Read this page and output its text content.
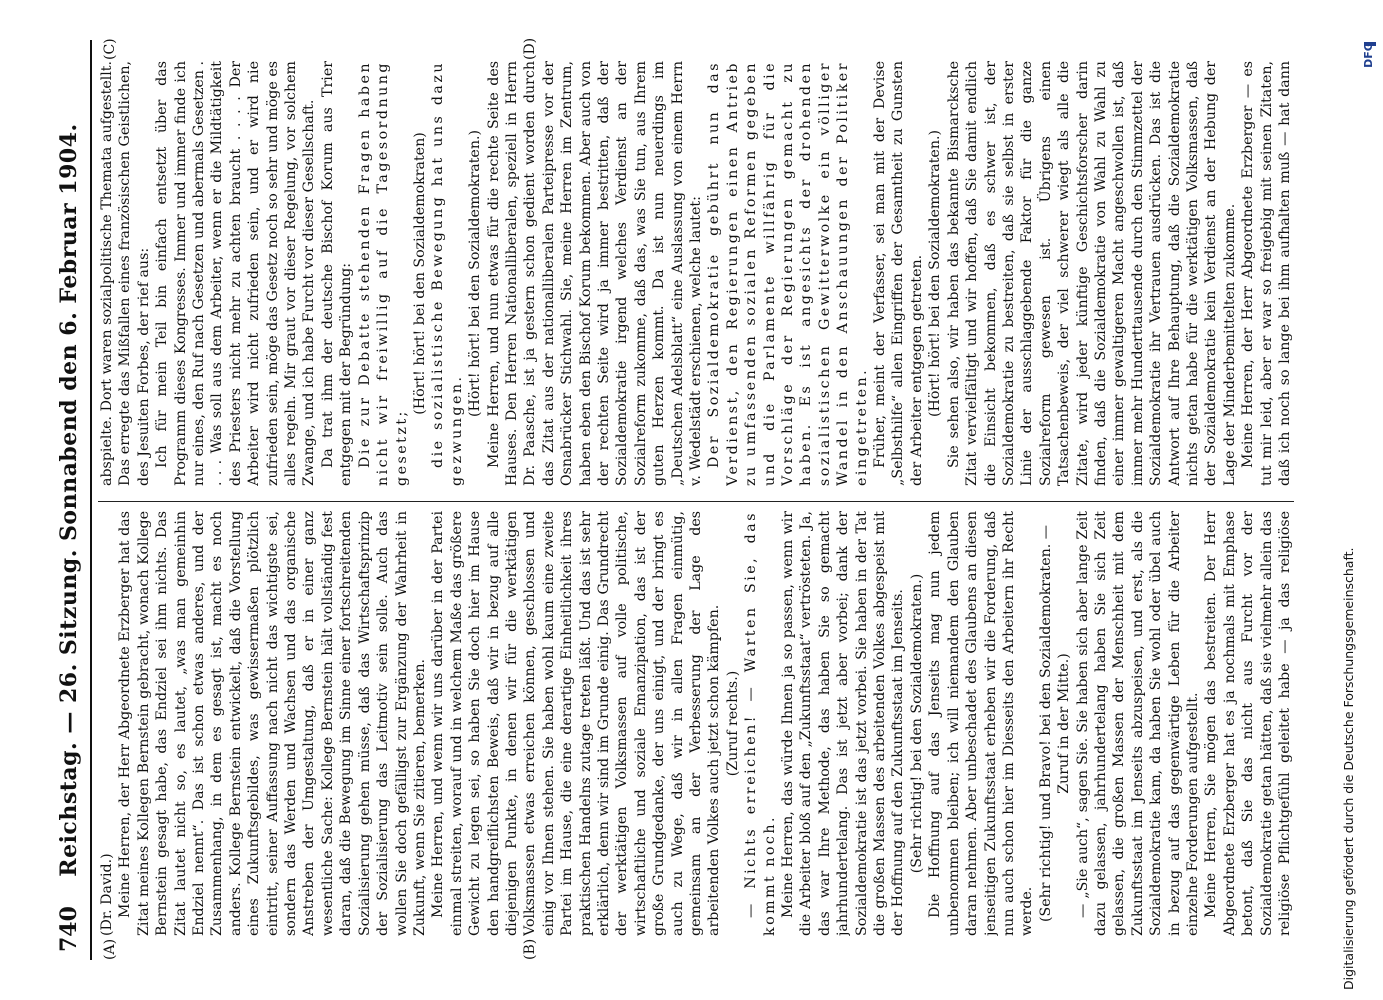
740
Reichstag. — 26. Sitzung. Sonnabend den 6. Februar 1904.
(A)	(B)
(C)	(D)

(Dr. David.) Meine Herren, der Herr Abgeordnete Erzberger hat das Zitat meines Kollegen Bernstein gebracht, wonach Kollege Bernstein gesagt habe, das Endziel sei ihm nichts. Das Zitat lautet nicht so, es lautet, „was man gemeinhin Endziel nennt“. Das ist schon etwas anderes, und der Zusammenhang, in dem es gesagt ist, macht es noch anders. Kollege Bernstein entwickelt, daß die Vorstellung eines Zukunftsgebildes, was gewissermaßen plötzlich eintritt, seiner Auffassung nach nicht das wichtigste sei, sondern das Werden und Wachsen und das organische Anstreben der Umgestaltung, daß er in einer ganz wesentliche Sache: Kollege Bernstein hält vollständig fest daran, daß die Bewegung im Sinne einer fortschreitenden Sozialisierung gehen müsse, daß das Wirtschaftsprinzip der Sozialisierung das Leitmotiv sein solle. Auch das wollen Sie doch gefälligst zur Ergänzung der Wahrheit in Zukunft, wenn Sie zitieren, bemerken. Meine Herren, und wenn wir uns darüber in der Partei einmal streiten, worauf und in welchem Maße das größere Gewicht zu legen sei, so haben Sie doch hier im Hause den handgreiflichsten Beweis, daß wir in bezug auf alle diejenigen Punkte, in denen wir für die werktätigen Volksmassen etwas erreichen können, geschlossen und einig vor Ihnen stehen. Sie haben wohl kaum eine zweite Partei im Hause, die eine derartige Einheitlichkeit ihres praktischen Handelns zutage treten läßt. Und das ist sehr erklärlich, denn wir sind im Grunde einig. Das Grundrecht der werktätigen Volksmassen auf volle politische, wirtschaftliche und soziale Emanzipation, das ist der große Grundgedanke, der uns einigt, und der bringt es auch zu Wege, daß wir in allen Fragen einmütig, gemeinsam an der Verbesserung der Lage des arbeitenden Volkes auch jetzt schon kämpfen. (Zuruf rechts.) — Nichts erreichen! — Warten Sie, das kommt noch. Meine Herren, das würde Ihnen ja so passen, wenn wir die Arbeiter bloß auf den „Zukunftsstaat“ vertrösteten. Ja, das war Ihre Methode, das haben Sie so gemacht jahrhundertelang. Das ist jetzt aber vorbei; dank der Sozialdemokratie ist das jetzt vorbei. Sie haben in der Tat die großen Massen des arbeitenden Volkes abgespeist mit der Hoffnung auf den Zukunftsstaat im Jenseits. (Sehr richtig! bei den Sozialdemokraten.) Die Hoffnung auf das Jenseits mag nun jedem unbenommen bleiben; ich will niemandem den Glauben daran nehmen. Aber unbeschadet des Glaubens an diesen jenseitigen Zukunftsstaat erheben wir die Forderung, daß nun auch schon hier im Diesseits den Arbeitern ihr Recht werde. (Sehr richtig! und Bravo! bei den Sozialdemokraten. — Zuruf in der Mitte.) — „Sie auch“, sagen Sie. Sie haben sich aber lange Zeit dazu gelassen, jahrhundertelang haben Sie sich Zeit gelassen, die großen Massen der Menschheit mit dem Zukunftsstaat im Jenseits abzuspeisen, und erst, als die Sozialdemokratie kam, da haben Sie wohl oder übel auch in bezug auf das gegenwärtige Leben für die Arbeiter einzelne Forderungen aufgestellt. Meine Herren, Sie mögen das bestreiten. Der Herr Abgeordnete Erzberger hat es ja nochmals mit Emphase betont, daß Sie das nicht aus Furcht vor der Sozialdemokratie getan hätten, daß sie vielmehr allein das religiöse Pflichtgefühl geleitet habe — ja das religiöse

abspielte. Dort waren sozialpolitische Themata aufgestellt. Das erregte das Mißfallen eines französischen Geistlichen, des Jesuiten Forbes, der rief aus: Ich für mein Teil bin einfach entsetzt über das Programm dieses Kongresses. Immer und immer finde ich nur eines, den Ruf nach Gesetzen und abermals Gesetzen . . . . Was soll aus dem Arbeiter, wenn er die Mildtätigkeit des Priesters nicht mehr zu achten braucht . . . . Der Arbeiter wird nicht zufrieden sein, und er wird nie zufrieden sein, möge das Gesetz noch so sehr und möge es alles regeln. Mir graut vor dieser Regelung, vor solchem Zwange, und ich habe Furcht vor dieser Gesellschaft. Da trat ihm der deutsche Bischof Korum aus Trier entgegen mit der Begründung: Die zur Debatte stehenden Fragen haben nicht wir freiwillig auf die Tagesordnung gesetzt;

(Hört! hört! bei den Sozialdemokraten) die sozialistische Bewegung hat uns dazu gezwungen.

(Hört! hört! bei den Sozialdemokraten.) Meine Herren, und nun etwas für die rechte Seite des Hauses. Den Herren Nationalliberalen, speziell in Herrn Dr. Paasche, ist ja gestern schon gedient worden durch das Zitat aus der nationalliberalen Parteipresse vor der Osnabrücker Stichwahl. Sie, meine Herren im Zentrum, haben eben den Bischof Korum bekommen. Aber auch von der rechten Seite wird ja immer bestritten, daß der Sozialdemokratie irgend welches Verdienst an der Sozialreform zukomme, daß das, was Sie tun, aus Ihrem guten Herzen kommt. Da ist nun neuerdings im „Deutschen Adelsblatt“ eine Auslassung von einem Herrn v. Wedelstädt erschienen, welche lautet: Der Sozialdemokratie gebührt nun das Verdienst, den Regierungen einen Antrieb zu umfassenden sozialen Reformen gegeben und die Parlamente willfährig für die Vorschläge der Regierungen gemacht zu haben. Es ist angesichts der drohenden sozialistischen Gewitterwolke ein völliger Wandel in den Anschauungen der Politiker eingetreten. Früher, meint der Verfasser, sei man mit der Devise „Selbsthilfe“ allen Eingriffen der Gesamtheit zu Gunsten der Arbeiter entgegen getreten. (Hört! hört! bei den Sozialdemokraten.) Sie sehen also, wir haben das bekannte Bismarcksche Zitat vervielfältigt und wir hoffen, daß Sie damit endlich die Einsicht bekommen, daß es schwer ist, der Sozialdemokratie zu bestreiten, daß sie selbst in erster Linie der ausschlaggebende Faktor für die ganze Sozialreform gewesen ist. Übrigens einen Tatsachenbeweis, der viel schwerer wiegt als alle die Zitate, wird jeder künftige Geschichtsforscher darin finden, daß die Sozialdemokratie von Wahl zu Wahl zu einer immer gewaltigeren Macht angeschwollen ist, daß immer mehr Hunderttausende durch den Stimmzettel der Sozialdemokratie ihr Vertrauen ausdrücken. Das ist die Antwort auf Ihre Behauptung, daß die Sozialdemokratie nichts getan habe für die werktätigen Volksmassen, daß der Sozialdemokratie kein Verdienst an der Hebung der Lage der Minderbemittelten zukomme. Meine Herren, der Herr Abgeordnete Erzberger — es tut mir leid, aber er war so freigebig mit seinen Zitaten, daß ich noch so lange bei ihm aufhalten muß — hat dann

Digitalisierung gefördert durch die Deutsche Forschungsgemeinschaft.
DFG
